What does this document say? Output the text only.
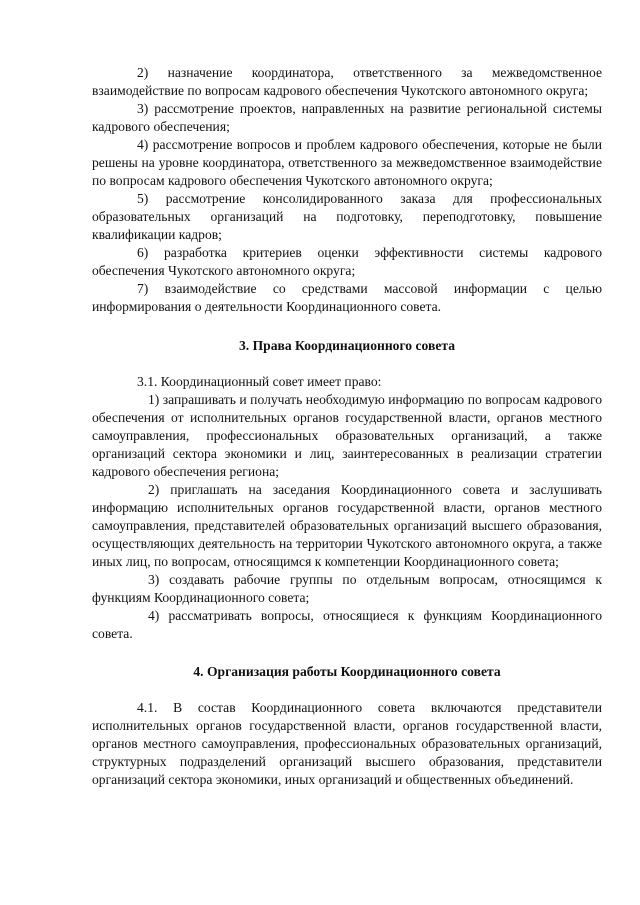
2) назначение координатора, ответственного за межведомственное взаимодействие по вопросам кадрового обеспечения Чукотского автономного округа;

3) рассмотрение проектов, направленных на развитие региональной системы кадрового обеспечения;

4) рассмотрение вопросов и проблем кадрового обеспечения, которые не были решены на уровне координатора, ответственного за межведомственное взаимодействие по вопросам кадрового обеспечения Чукотского автономного округа;

5) рассмотрение консолидированного заказа для профессиональных образовательных организаций на подготовку, переподготовку, повышение квалификации кадров;

6) разработка критериев оценки эффективности системы кадрового обеспечения Чукотского автономного округа;

7) взаимодействие со средствами массовой информации с целью информирования о деятельности Координационного совета.

3. Права Координационного совета

3.1. Координационный совет имеет право:

1) запрашивать и получать необходимую информацию по вопросам кадрового обеспечения от исполнительных органов государственной власти, органов местного самоуправления, профессиональных образовательных организаций, а также организаций сектора экономики и лиц, заинтересованных в реализации стратегии кадрового обеспечения региона;

2) приглашать на заседания Координационного совета и заслушивать информацию исполнительных органов государственной власти, органов местного самоуправления, представителей образовательных организаций высшего образования, осуществляющих деятельность на территории Чукотского автономного округа, а также иных лиц, по вопросам, относящимся к компетенции Координационного совета;

3) создавать рабочие группы по отдельным вопросам, относящимся к функциям Координационного совета;

4) рассматривать вопросы, относящиеся к функциям Координационного совета.

4. Организация работы Координационного совета

4.1. В состав Координационного совета включаются представители исполнительных органов государственной власти, органов государственной власти, органов местного самоуправления, профессиональных образовательных организаций, структурных подразделений организаций высшего образования, представители организаций сектора экономики, иных организаций и общественных объединений.
